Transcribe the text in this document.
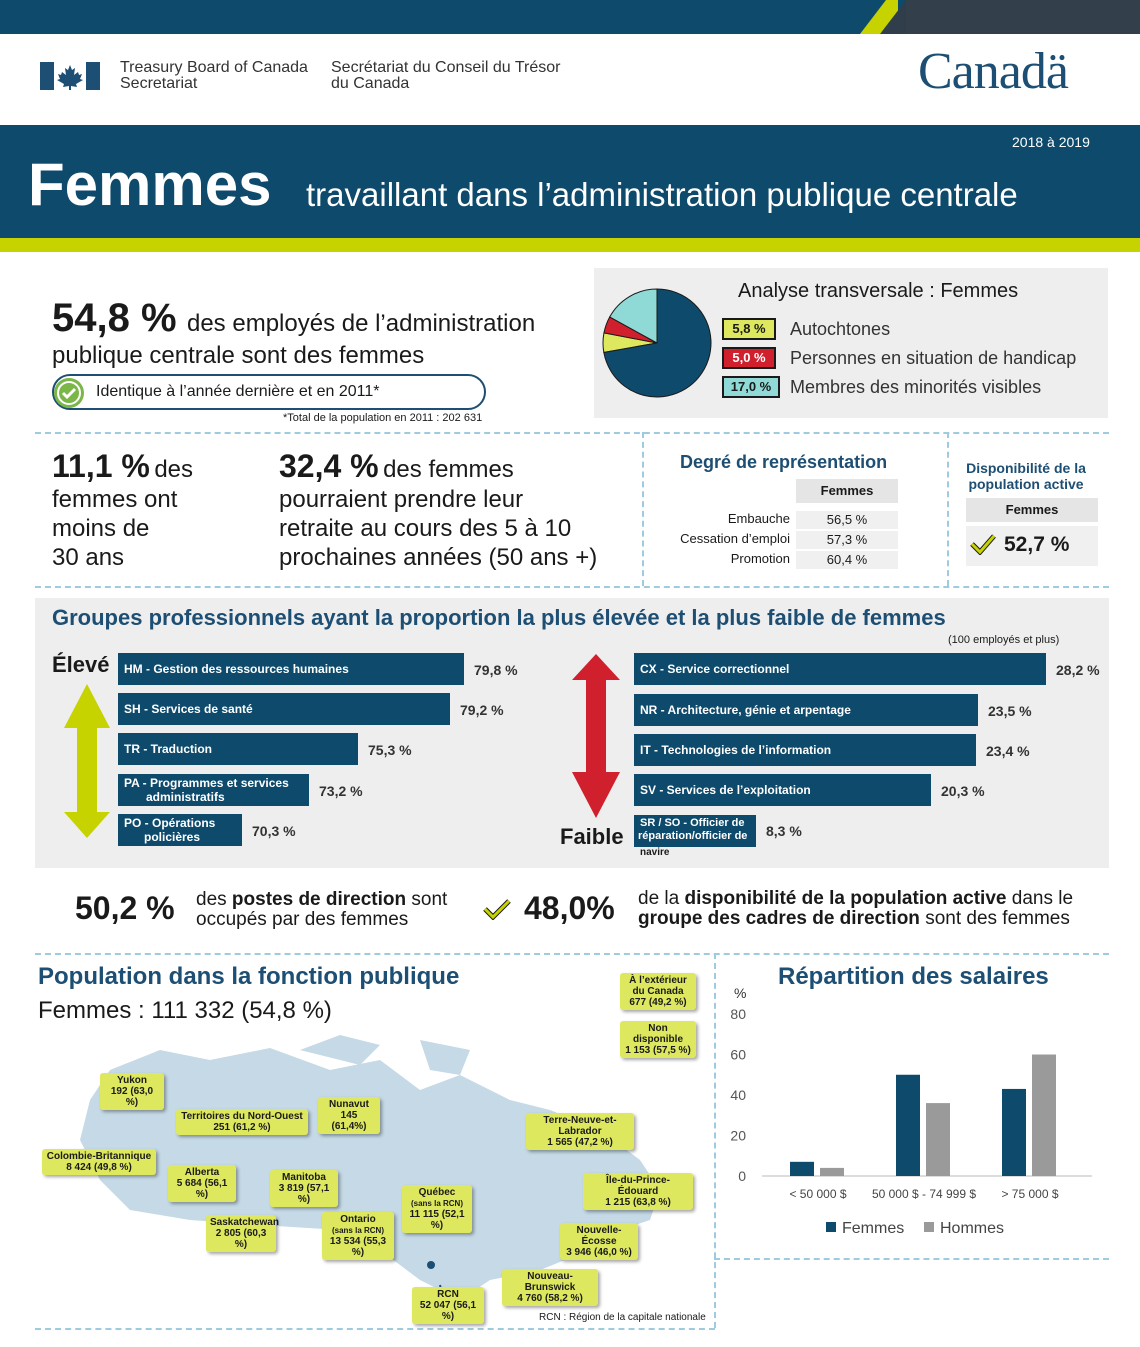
Treasury Board of Canada
Secretariat
Secrétariat du Conseil du Trésor
du Canada	Canadä
2018 à 2019
Femmes travaillant dans l’administration publique centrale
54,8 % des employés de l’administration
publique centrale sont des femmes
Identique à l’année dernière et en 2011*
*Total de la population en 2011 : 202 631
Analyse transversale : Femmes
5,8 %	Autochtones
5,0 %	Personnes en situation de handicap
17,0 %	Membres des minorités visibles
11,1 % des
femmes ont
moins de
30 ans
32,4 % des femmes
pourraient prendre leur
retraite au cours des 5 à 10
prochaines années (50 ans +)
Degré de représentation
Femmes
Embauche	56,5 %
Cessation d’emploi	57,3 %
Promotion	60,4 %
Disponibilité de la population active
Femmes
52,7 %
Groupes professionnels ayant la proportion la plus élevée et la plus faible de femmes
(100 employés et plus)
Élevé
Faible
HM - Gestion des ressources humaines	79,8 %
SH - Services de santé	79,2 %
TR - Traduction	75,3 %
PA - Programmes et services
administratifs	73,2 %
PO - Opérations
policières	70,3 %
CX - Service correctionnel	28,2 %
NR - Architecture, génie et arpentage	23,5 %
IT - Technologies de l’information	23,4 %
SV - Services de l’exploitation	20,3 %
SR / SO - Officier de
réparation/officier de
navire
8,3 %
50,2 % des postes de direction sont
occupés par des femmes	48,0% de la disponibilité de la population active dans le
groupe des cadres de direction sont des femmes
Population dans la fonction publique
Femmes : 111 332 (54,8 %)
À l’extérieur
du Canada
677 (49,2 %)
Non disponible
1 153 (57,5 %)
Yukon
192 (63,0 %)
Territoires du Nord-Ouest
251 (61,2 %)
Nunavut
145 (61,4%)
Terre-Neuve-et-
Labrador
1 565 (47,2 %)
Colombie-Britannique
8 424 (49,8 %)	Alberta
5 684 (56,1 %)
Manitoba
3 819 (57,1 %)
Québec
(sans la RCN)
11 115 (52,1 %)
Île-du-Prince-Édouard
1 215 (63,8 %)
Saskatchewan
2 805 (60,3 %)
Ontario
(sans la RCN)
13 534 (55,3 %)
Nouvelle-Écosse
3 946 (46,0 %)
Nouveau-Brunswick
4 760 (58,2 %)
RCN
52 047 (56,1 %)	RCN : Région de la capitale nationale
Répartition des salaires
%
0
20
40
60
80
< 50 000 $ 50 000 $ - 74 999 $ > 75 000 $
Femmes Hommes
